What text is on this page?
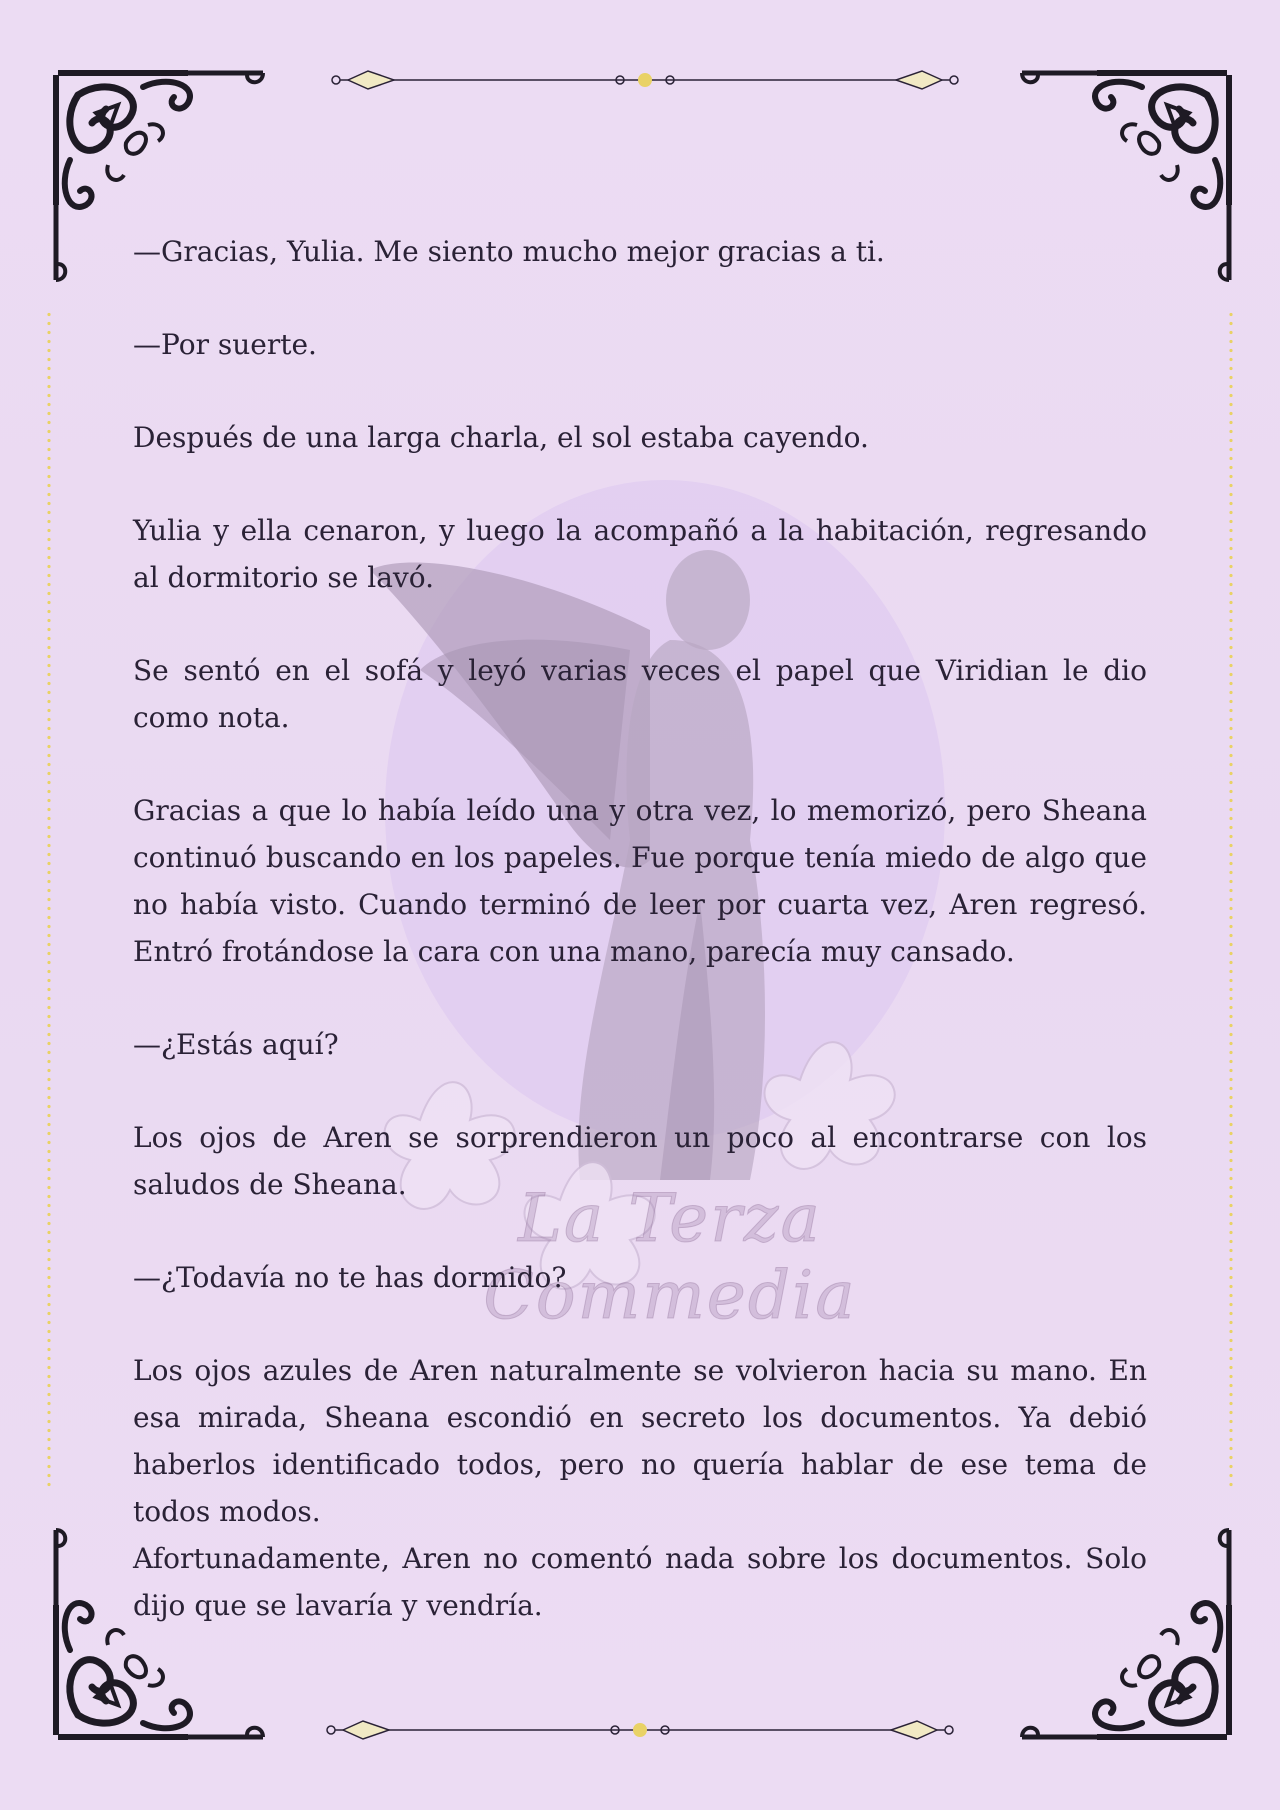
La Terza Commedia

—Gracias, Yulia. Me siento mucho mejor gracias a ti.

—Por suerte.

Después de una larga charla, el sol estaba cayendo.

Yulia y ella cenaron, y luego la acompañó a la habitación, regresando al dormitorio se lavó.

Se sentó en el sofá y leyó varias veces el papel que Viridian le dio como nota.

Gracias a que lo había leído una y otra vez, lo memorizó, pero Sheana continuó buscando en los papeles. Fue porque tenía miedo de algo que no había visto. Cuando terminó de leer por cuarta vez, Aren regresó. Entró frotándose la cara con una mano, parecía muy cansado.

—¿Estás aquí?

Los ojos de Aren se sorprendieron un poco al encontrarse con los saludos de Sheana.

—¿Todavía no te has dormido?

Los ojos azules de Aren naturalmente se volvieron hacia su mano. En esa mirada, Sheana escondió en secreto los documentos. Ya debió haberlos identificado todos, pero no quería hablar de ese tema de todos modos.

Afortunadamente, Aren no comentó nada sobre los documentos. Solo dijo que se lavaría y vendría.
